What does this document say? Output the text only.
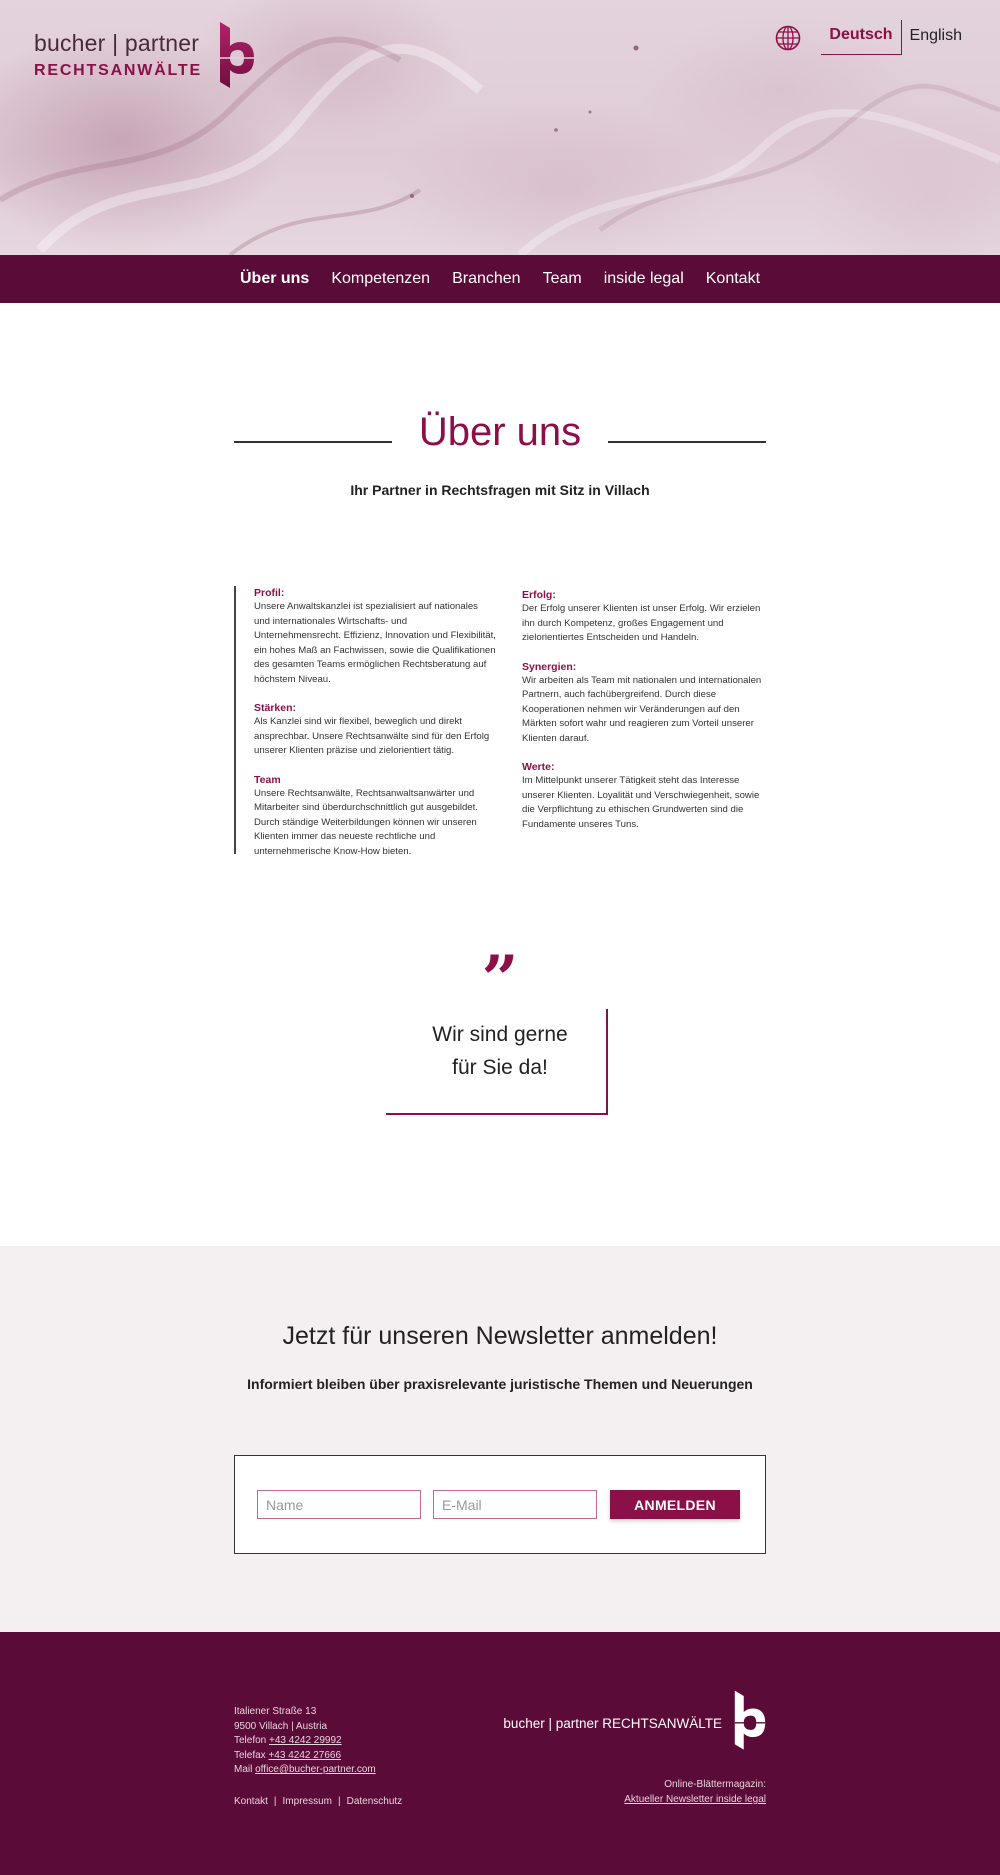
bucher | partner
RECHTSANWÄLTE
Deutsch	English
Über uns Kompetenzen Branchen Team inside legal Kontakt
Über uns
Ihr Partner in Rechtsfragen mit Sitz in Villach
Profil:

Unsere Anwaltskanzlei ist spezialisiert auf nationales und internationales Wirtschafts- und Unternehmensrecht. Effizienz, Innovation und Flexibilität, ein hohes Maß an Fachwissen, sowie die Qualifikationen des gesamten Teams ermöglichen Rechtsberatung auf höchstem Niveau.

Stärken:

Als Kanzlei sind wir flexibel, beweglich und direkt ansprechbar. Unsere Rechtsanwälte sind für den Erfolg unserer Klienten präzise und zielorientiert tätig.

Team

Unsere Rechtsanwälte, Rechtsanwaltsanwärter und Mitarbeiter sind überdurchschnittlich gut ausgebildet. Durch ständige Weiterbildungen können wir unseren Klienten immer das neueste rechtliche und unternehmerische Know-How bieten.

Erfolg:

Der Erfolg unserer Klienten ist unser Erfolg. Wir erzielen ihn durch Kompetenz, großes Engagement und zielorientiertes Entscheiden und Handeln.

Synergien:

Wir arbeiten als Team mit nationalen und internationalen Partnern, auch fachübergreifend. Durch diese Kooperationen nehmen wir Veränderungen auf den Märkten sofort wahr und reagieren zum Vorteil unserer Klienten darauf.

Werte:

Im Mittelpunkt unserer Tätigkeit steht das Interesse unserer Klienten. Loyalität und Verschwiegenheit, sowie die Verpflichtung zu ethischen Grundwerten sind die Fundamente unseres Tuns.

”
Wir sind gerne
für Sie da!
Jetzt für unseren Newsletter anmelden!
Informiert bleiben über praxisrelevante juristische Themen und Neuerungen
Name
E-Mail
ANMELDEN
Italiener Straße 13
9500 Villach | Austria
Telefon +43 4242 29992
Telefax +43 4242 27666
Mail office@bucher-partner.com
Kontakt | Impressum | Datenschutz
bucher | partner RECHTSANWÄLTE
Online-Blättermagazin:
Aktueller Newsletter inside legal
